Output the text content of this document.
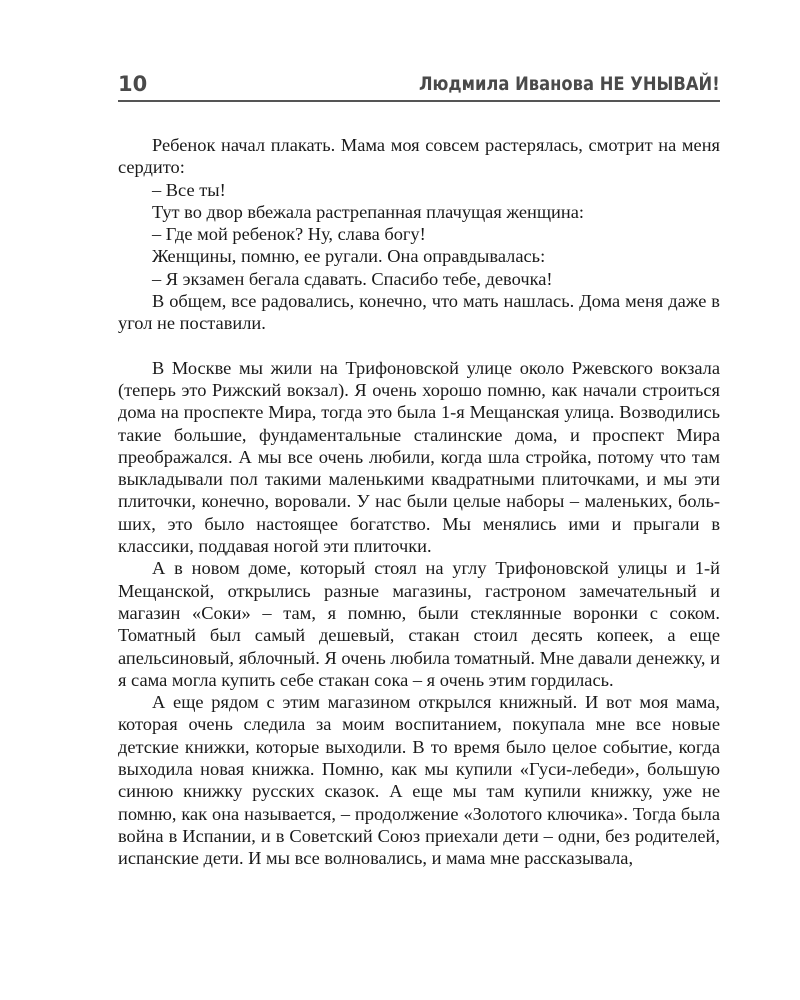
10	Людмила Иванова НЕ УНЫВАЙ!

Ребенок начал плакать. Мама моя совсем растерялась, смотрит на меня сердито:

– Все ты!

Тут во двор вбежала растрепанная плачущая женщина:

– Где мой ребенок? Ну, слава богу!

Женщины, помню, ее ругали. Она оправдывалась:

– Я экзамен бегала сдавать. Спасибо тебе, девочка!

В общем, все радовались, конечно, что мать нашлась. Дома меня даже в угол не поставили.

В Москве мы жили на Трифоновской улице около Ржевского вокзала (теперь это Рижский вокзал). Я очень хорошо помню, как начали строиться дома на проспекте Мира, тогда это была 1-я Мещанская улица. Возводились такие большие, фундаментальные сталинские дома, и проспект Мира преображался. А мы все очень любили, когда шла стройка, потому что там выкладывали пол такими маленькими квадратными плиточками, и мы эти плиточки, конечно, воровали. У нас были целые наборы – маленьких, больших, это было настоящее богатство. Мы менялись ими и прыгали в классики, поддавая ногой эти плиточки.

А в новом доме, который стоял на углу Трифоновской улицы и 1-й Мещанской, открылись разные магазины, гастроном замечательный и магазин «Соки» – там, я помню, были стеклянные воронки с соком. Томатный был самый дешевый, стакан стоил десять копеек, а еще апельсиновый, яблочный. Я очень любила томатный. Мне давали денежку, и я сама могла купить себе стакан сока – я очень этим гордилась.

А еще рядом с этим магазином открылся книжный. И вот моя мама, которая очень следила за моим воспитанием, покупала мне все новые детские книжки, которые выходили. В то время было целое событие, когда выходила новая книжка. Помню, как мы купили «Гуси-лебеди», большую синюю книжку русских сказок. А еще мы там купили книжку, уже не помню, как она называется, – продолжение «Золотого ключика». Тогда была война в Испании, и в Советский Союз приехали дети – одни, без родителей, испанские дети. И мы все волновались, и мама мне рассказывала,
